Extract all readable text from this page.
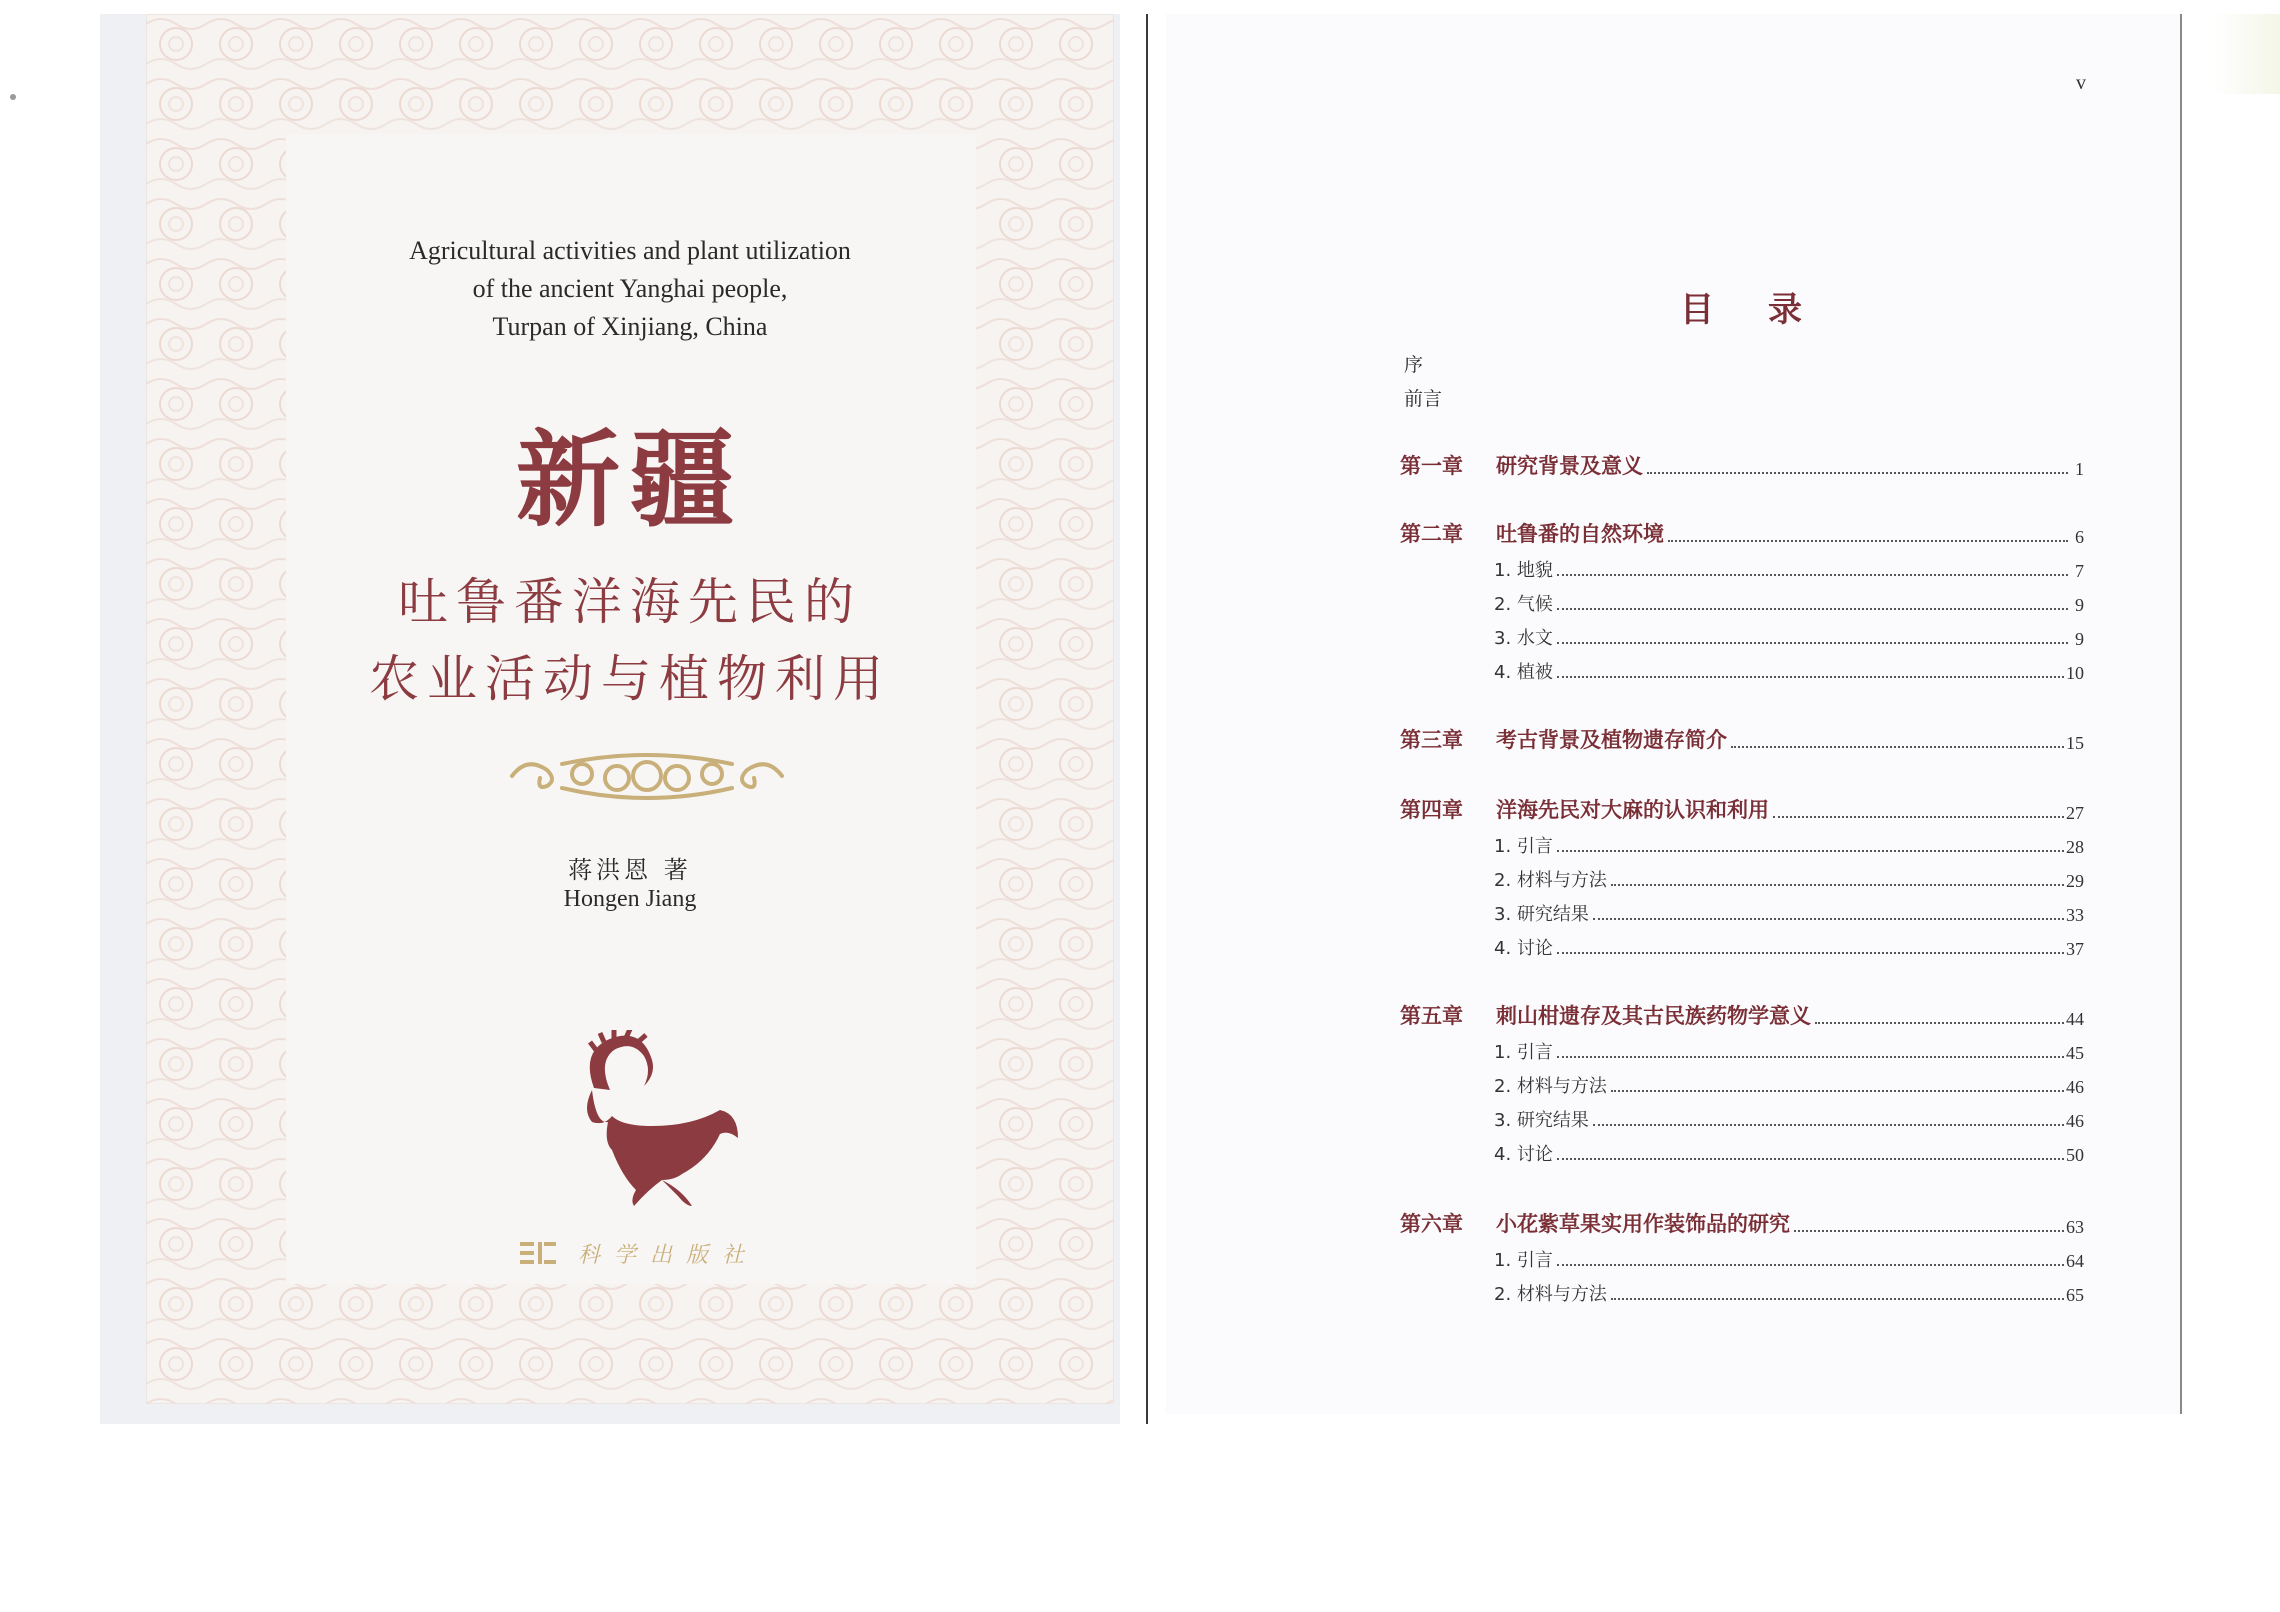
Agricultural activities and plant utilization
of the ancient Yanghai people,
Turpan of Xinjiang, China
新疆
吐鲁番洋海先民的
农业活动与植物利用
蒋洪恩 著
Hongen Jiang
科学出版社
v
目录
序
前言
第一章	研究背景及意义	1
第二章	吐鲁番的自然环境	6
1. 地貌	7
2. 气候	9
3. 水文	9
4. 植被	10
第三章	考古背景及植物遗存简介	15
第四章	洋海先民对大麻的认识和利用	27
1. 引言	28
2. 材料与方法	29
3. 研究结果	33
4. 讨论	37
第五章	刺山柑遗存及其古民族药物学意义	44
1. 引言	45
2. 材料与方法	46
3. 研究结果	46
4. 讨论	50
第六章	小花紫草果实用作装饰品的研究	63
1. 引言	64
2. 材料与方法	65
